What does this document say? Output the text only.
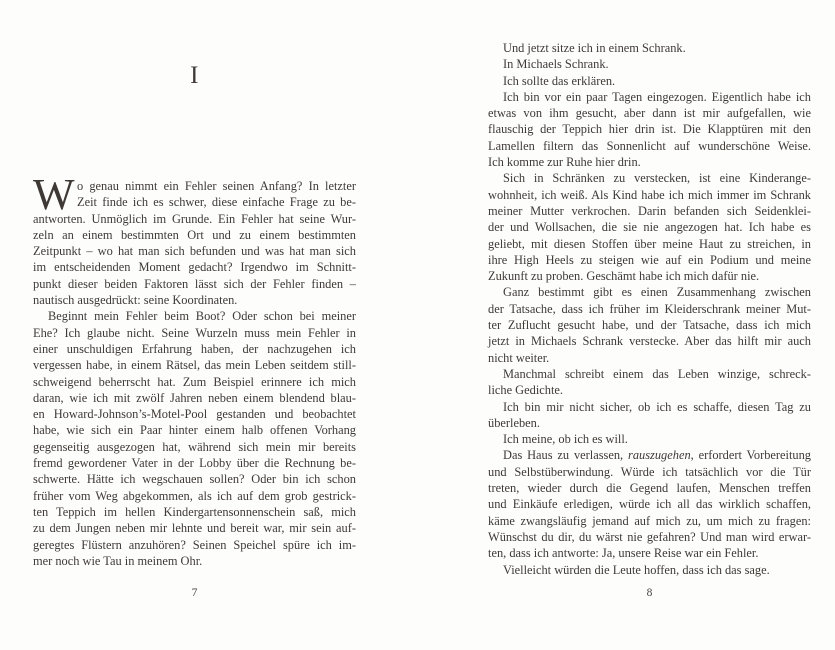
I
W o genau nimmt ein Fehler seinen Anfang? In letzter
Zeit finde ich es schwer, diese einfache Frage zu be-
antworten. Unmöglich im Grunde. Ein Fehler hat seine Wur-
zeln an einem bestimmten Ort und zu einem bestimmten
Zeitpunkt – wo hat man sich befunden und was hat man sich
im entscheidenden Moment gedacht? Irgendwo im Schnitt-
punkt dieser beiden Faktoren lässt sich der Fehler finden –
nautisch ausgedrückt: seine Koordinaten.
Beginnt mein Fehler beim Boot? Oder schon bei meiner
Ehe? Ich glaube nicht. Seine Wurzeln muss mein Fehler in
einer unschuldigen Erfahrung haben, der nachzugehen ich
vergessen habe, in einem Rätsel, das mein Leben seitdem still-
schweigend beherrscht hat. Zum Beispiel erinnere ich mich
daran, wie ich mit zwölf Jahren neben einem blendend blau-
en Howard-Johnson’s-Motel-Pool gestanden und beobachtet
habe, wie sich ein Paar hinter einem halb offenen Vorhang
gegenseitig ausgezogen hat, während sich mein mir bereits
fremd gewordener Vater in der Lobby über die Rechnung be-
schwerte. Hätte ich wegschauen sollen? Oder bin ich schon
früher vom Weg abgekommen, als ich auf dem grob gestrick-
ten Teppich im hellen Kindergartensonnenschein saß, mich
zu dem Jungen neben mir lehnte und bereit war, mir sein auf-
geregtes Flüstern anzuhören? Seinen Speichel spüre ich im-
mer noch wie Tau in meinem Ohr.
7
Und jetzt sitze ich in einem Schrank.
In Michaels Schrank.
Ich sollte das erklären.
Ich bin vor ein paar Tagen eingezogen. Eigentlich habe ich
etwas von ihm gesucht, aber dann ist mir aufgefallen, wie
flauschig der Teppich hier drin ist. Die Klapptüren mit den
Lamellen filtern das Sonnenlicht auf wunderschöne Weise.
Ich komme zur Ruhe hier drin.
Sich in Schränken zu verstecken, ist eine Kinderange-
wohnheit, ich weiß. Als Kind habe ich mich immer im Schrank
meiner Mutter verkrochen. Darin befanden sich Seidenklei-
der und Wollsachen, die sie nie angezogen hat. Ich habe es
geliebt, mit diesen Stoffen über meine Haut zu streichen, in
ihre High Heels zu steigen wie auf ein Podium und meine
Zukunft zu proben. Geschämt habe ich mich dafür nie.
Ganz bestimmt gibt es einen Zusammenhang zwischen
der Tatsache, dass ich früher im Kleiderschrank meiner Mut-
ter Zuflucht gesucht habe, und der Tatsache, dass ich mich
jetzt in Michaels Schrank verstecke. Aber das hilft mir auch
nicht weiter.
Manchmal schreibt einem das Leben winzige, schreck-
liche Gedichte.
Ich bin mir nicht sicher, ob ich es schaffe, diesen Tag zu
überleben.
Ich meine, ob ich es will.
Das Haus zu verlassen, rauszugehen, erfordert Vorbereitung
und Selbstüberwindung. Würde ich tatsächlich vor die Tür
treten, wieder durch die Gegend laufen, Menschen treffen
und Einkäufe erledigen, würde ich all das wirklich schaffen,
käme zwangsläufig jemand auf mich zu, um mich zu fragen:
Wünschst du dir, du wärst nie gefahren? Und man wird erwar-
ten, dass ich antworte: Ja, unsere Reise war ein Fehler.
Vielleicht würden die Leute hoffen, dass ich das sage.
8
